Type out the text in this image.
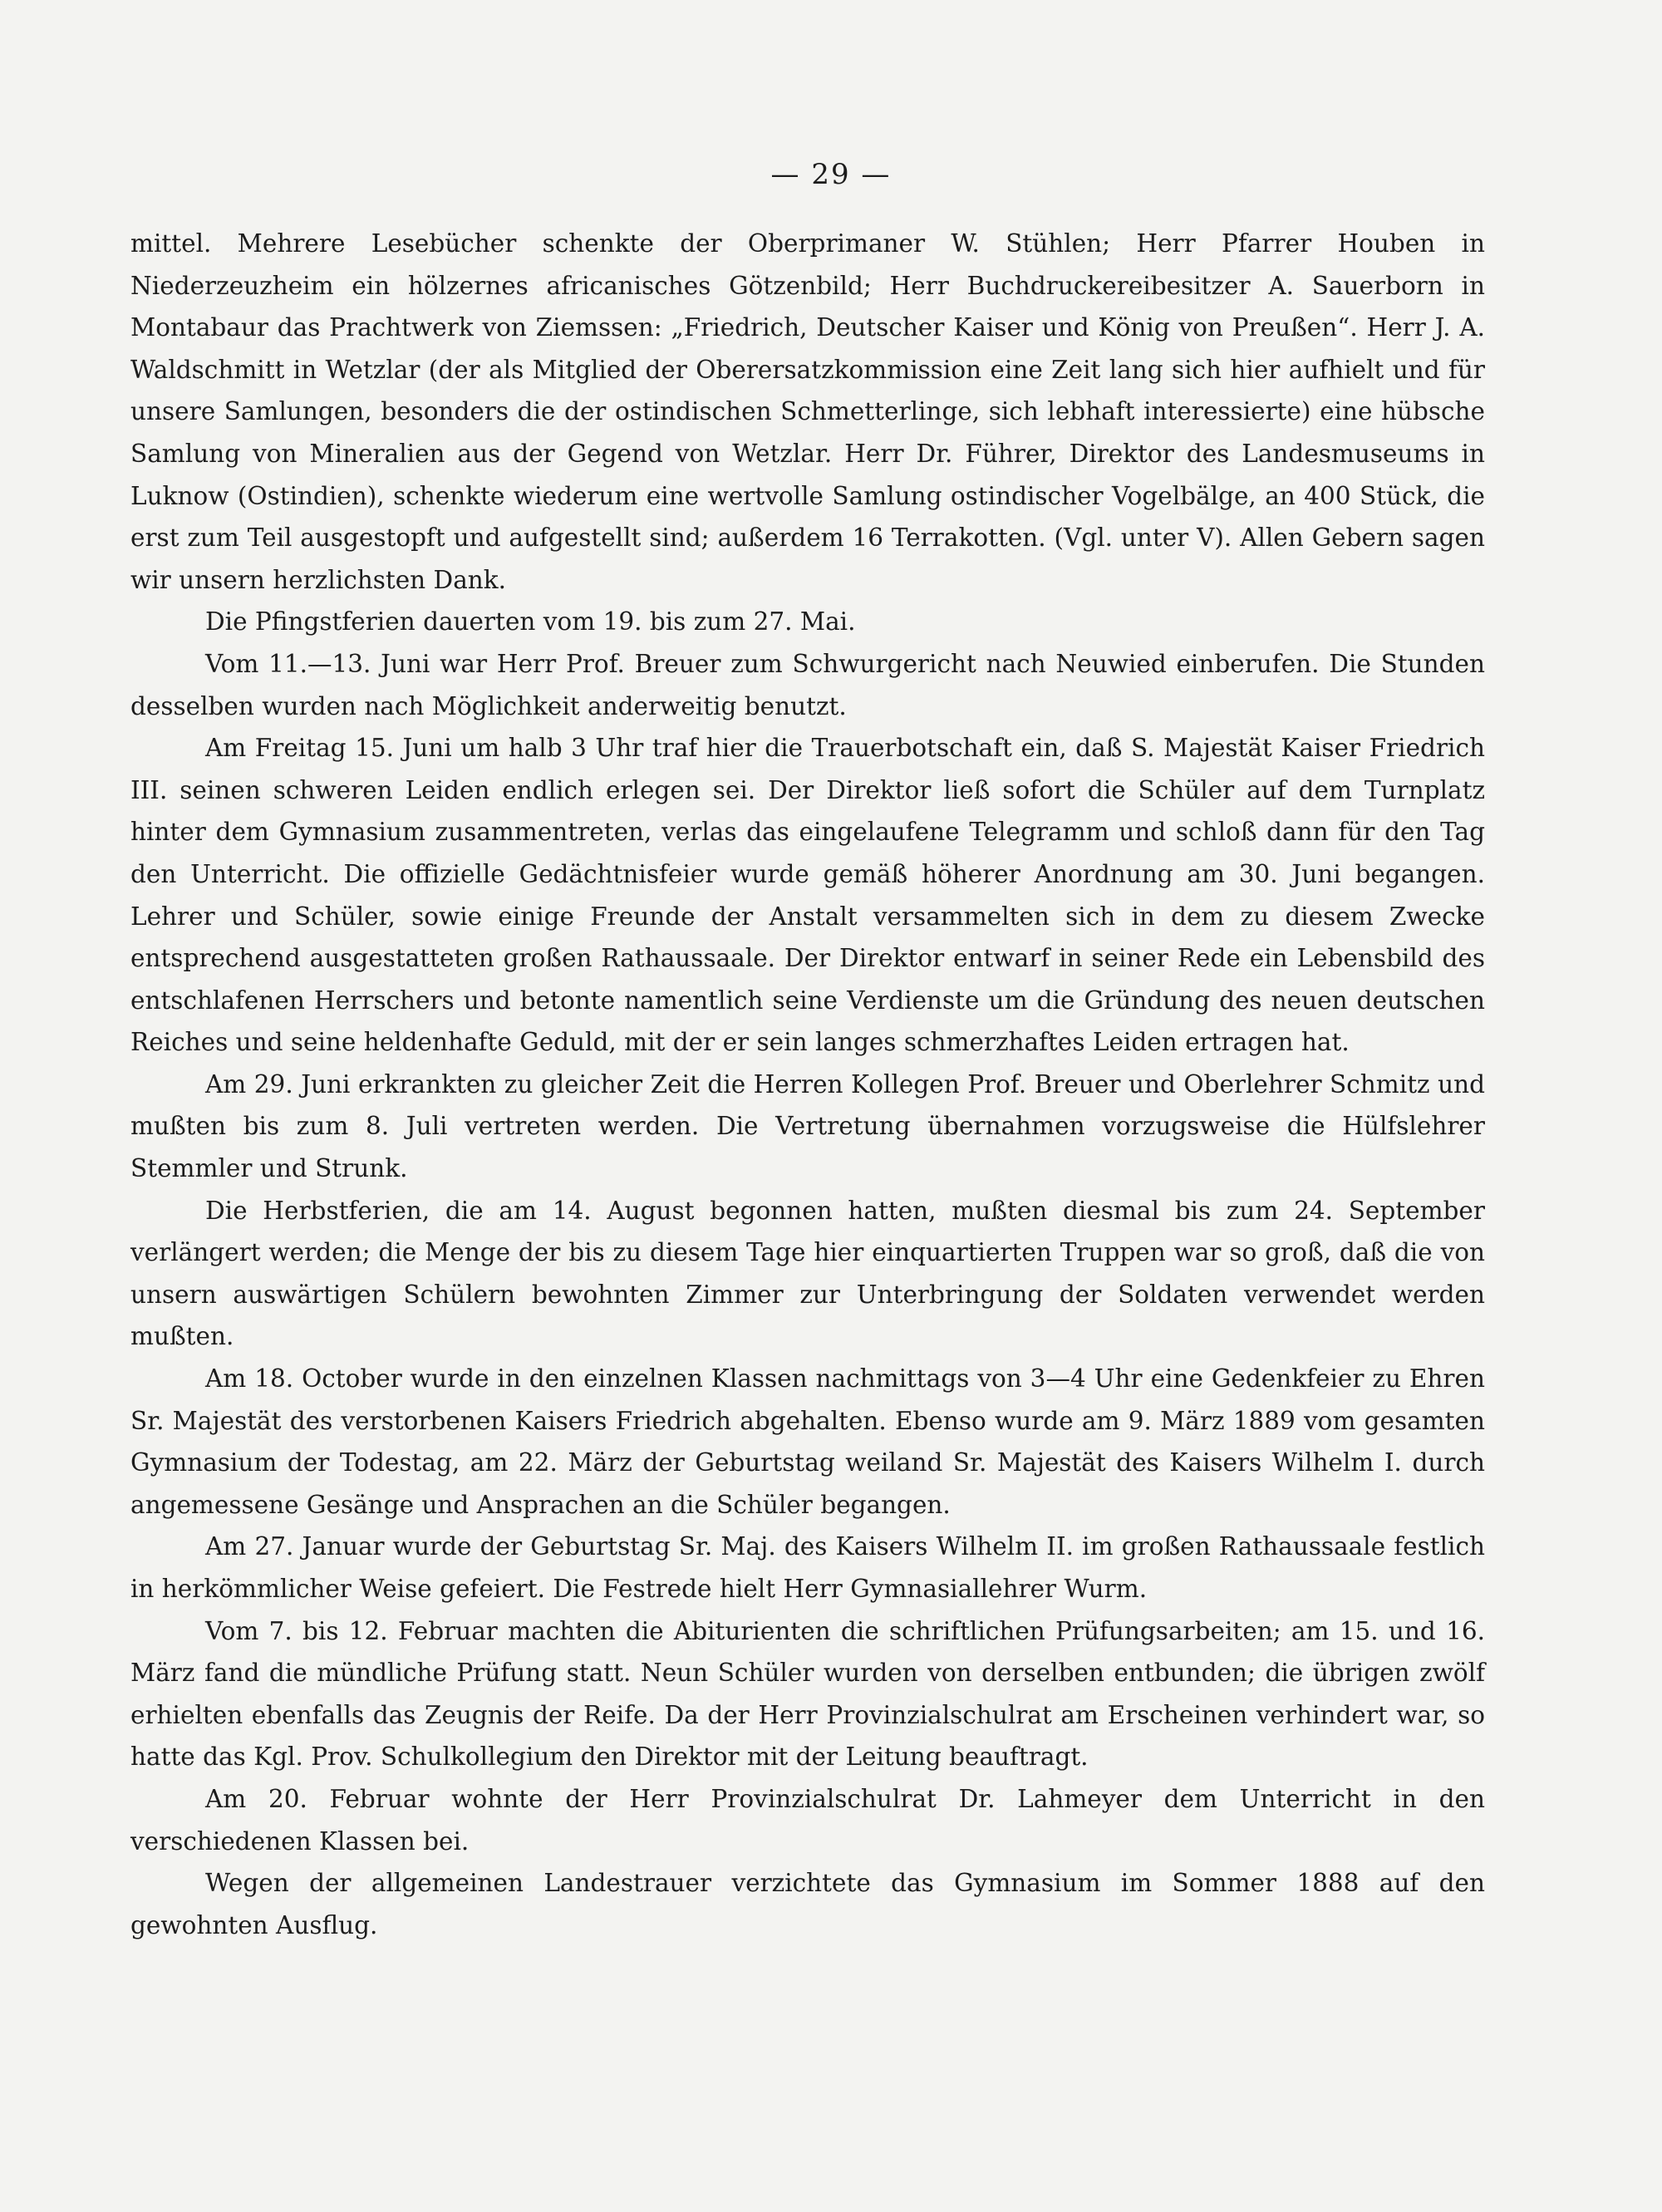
— 29 —

mittel. Mehrere Lesebücher schenkte der Oberprimaner W. Stühlen; Herr Pfarrer Houben in Niederzeuzheim ein hölzernes africanisches Götzenbild; Herr Buchdruckereibesitzer A. Sauerborn in Montabaur das Prachtwerk von Ziemssen: „Friedrich, Deutscher Kaiser und König von Preußen“. Herr J. A. Waldschmitt in Wetzlar (der als Mitglied der Oberersatzkommission eine Zeit lang sich hier aufhielt und für unsere Samlungen, besonders die der ostindischen Schmetterlinge, sich lebhaft interessierte) eine hübsche Samlung von Mineralien aus der Gegend von Wetzlar. Herr Dr. Führer, Direktor des Landesmuseums in Luknow (Ostindien), schenkte wiederum eine wertvolle Samlung ostindischer Vogelbälge, an 400 Stück, die erst zum Teil ausgestopft und aufgestellt sind; außerdem 16 Terrakotten. (Vgl. unter V). Allen Gebern sagen wir unsern herzlichsten Dank.

Die Pfingstferien dauerten vom 19. bis zum 27. Mai.

Vom 11.—13. Juni war Herr Prof. Breuer zum Schwurgericht nach Neuwied einberufen. Die Stunden desselben wurden nach Möglichkeit anderweitig benutzt.

Am Freitag 15. Juni um halb 3 Uhr traf hier die Trauerbotschaft ein, daß S. Majestät Kaiser Friedrich III. seinen schweren Leiden endlich erlegen sei. Der Direktor ließ sofort die Schüler auf dem Turnplatz hinter dem Gymnasium zusammentreten, verlas das eingelaufene Telegramm und schloß dann für den Tag den Unterricht. Die offizielle Gedächtnisfeier wurde gemäß höherer Anordnung am 30. Juni begangen. Lehrer und Schüler, sowie einige Freunde der Anstalt versammelten sich in dem zu diesem Zwecke entsprechend ausgestatteten großen Rathaussaale. Der Direktor entwarf in seiner Rede ein Lebensbild des entschlafenen Herrschers und betonte namentlich seine Verdienste um die Gründung des neuen deutschen Reiches und seine heldenhafte Geduld, mit der er sein langes schmerzhaftes Leiden ertragen hat.

Am 29. Juni erkrankten zu gleicher Zeit die Herren Kollegen Prof. Breuer und Oberlehrer Schmitz und mußten bis zum 8. Juli vertreten werden. Die Vertretung übernahmen vorzugsweise die Hülfslehrer Stemmler und Strunk.

Die Herbstferien, die am 14. August begonnen hatten, mußten diesmal bis zum 24. September verlängert werden; die Menge der bis zu diesem Tage hier einquartierten Truppen war so groß, daß die von unsern auswärtigen Schülern bewohnten Zimmer zur Unterbringung der Soldaten verwendet werden mußten.

Am 18. October wurde in den einzelnen Klassen nachmittags von 3—4 Uhr eine Gedenkfeier zu Ehren Sr. Majestät des verstorbenen Kaisers Friedrich abgehalten. Ebenso wurde am 9. März 1889 vom gesamten Gymnasium der Todestag, am 22. März der Geburtstag weiland Sr. Majestät des Kaisers Wilhelm I. durch angemessene Gesänge und Ansprachen an die Schüler begangen.

Am 27. Januar wurde der Geburtstag Sr. Maj. des Kaisers Wilhelm II. im großen Rathaussaale festlich in herkömmlicher Weise gefeiert. Die Festrede hielt Herr Gymnasiallehrer Wurm.

Vom 7. bis 12. Februar machten die Abiturienten die schriftlichen Prüfungsarbeiten; am 15. und 16. März fand die mündliche Prüfung statt. Neun Schüler wurden von derselben entbunden; die übrigen zwölf erhielten ebenfalls das Zeugnis der Reife. Da der Herr Provinzialschulrat am Erscheinen verhindert war, so hatte das Kgl. Prov. Schulkollegium den Direktor mit der Leitung beauftragt.

Am 20. Februar wohnte der Herr Provinzialschulrat Dr. Lahmeyer dem Unterricht in den verschiedenen Klassen bei.

Wegen der allgemeinen Landestrauer verzichtete das Gymnasium im Sommer 1888 auf den gewohnten Ausflug.
